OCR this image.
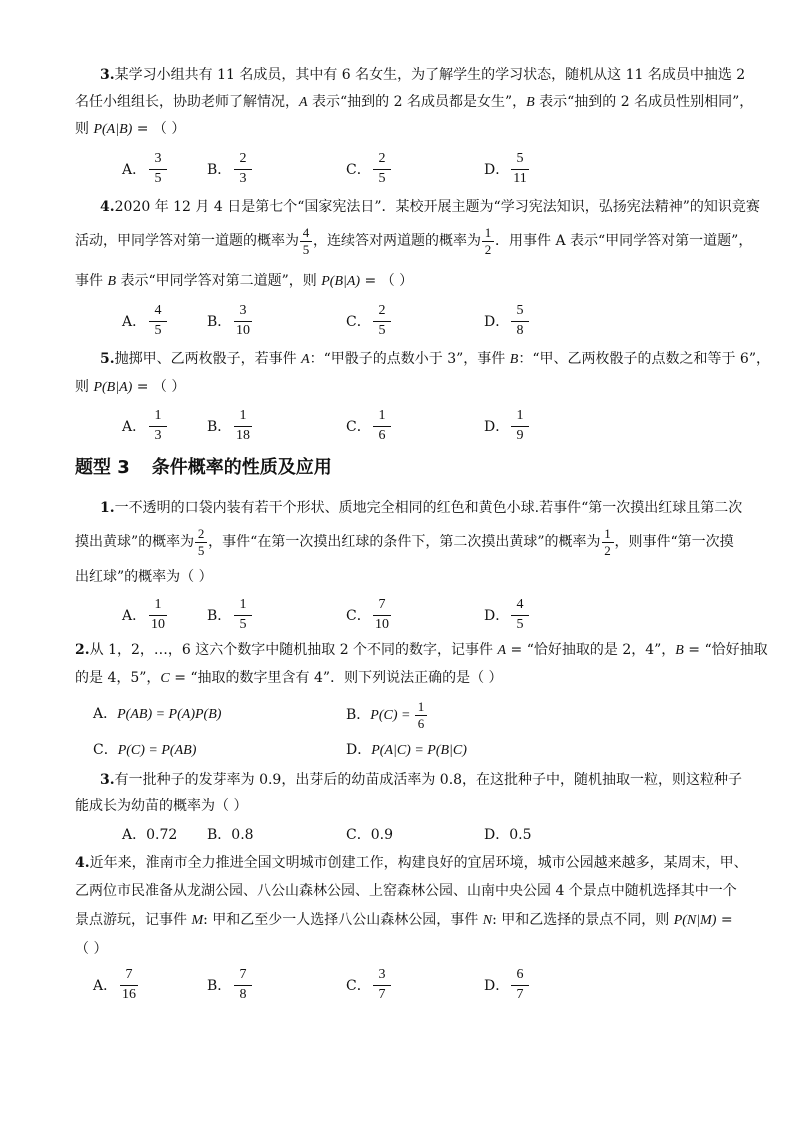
3.某学习小组共有 11 名成员，其中有 6 名女生，为了解学生的学习状态，随机从这 11 名成员中抽选 2
名任小组组长，协助老师了解情况，A 表示“抽到的 2 名成员都是女生”，B 表示“抽到的 2 名成员性别相同”，
则 P(A|B) = （ ）
A．
3
5
B．
2
3
C．
2
5
D．
5
11
4.2020 年 12 月 4 日是第七个“国家宪法日”．某校开展主题为“学习宪法知识，弘扬宪法精神”的知识竞赛
活动，甲同学答对第一道题的概率为 $\frac{4}{5}$ ，连续答对两道题的概率为 $\frac{1}{2}$ ．用事件 A 表示“甲同学答对第一道题”，
事件 B 表示“甲同学答对第二道题”，则 P(B|A) = （ ）
A．
4
5
B．
3
10
C．
2
5
D．
5
8
5.抛掷甲、乙两枚骰子，若事件 A：“甲骰子的点数小于 3”，事件 B：“甲、乙两枚骰子的点数之和等于 6”，
则 P(B|A) = （ ）
A．
1
3
B．
1
18
C．
1
6
D．
1
9
题型 3 条件概率的性质及应用
1.一不透明的口袋内装有若干个形状、质地完全相同的红色和黄色小球.若事件“第一次摸出红球且第二次
摸出黄球”的概率为 $\frac{2}{5}$ ，事件“在第一次摸出红球的条件下，第二次摸出黄球”的概率为 $\frac{1}{2}$ ，则事件“第一次摸
出红球”的概率为（ ）
A．
1
10
B．
1
5
C．
7
10
D．
4
5
2.从 1，2，…，6 这六个数字中随机抽取 2 个不同的数字，记事件 A = “恰好抽取的是 2，4”，B = “恰好抽取
的是 4，5”，C = “抽取的数字里含有 4”．则下列说法正确的是（ ）
A．P(AB) = P(A)P(B)	B．$P(C) = \frac{1}{6}$
C．P(C) = P(AB)	D．P(A|C) = P(B|C)
3.有一批种子的发芽率为 0.9，出芽后的幼苗成活率为 0.8，在这批种子中，随机抽取一粒，则这粒种子
能成长为幼苗的概率为（ ）
A．0.72 B．0.8	C．0.9	D．0.5
4.近年来，淮南市全力推进全国文明城市创建工作，构建良好的宜居环境，城市公园越来越多，某周末，甲、
乙两位市民准备从龙湖公园、八公山森林公园、上窑森林公园、山南中央公园 4 个景点中随机选择其中一个
景点游玩，记事件 M: 甲和乙至少一人选择八公山森林公园，事件 N: 甲和乙选择的景点不同，则 P(N|M) =
（ ）
A．
7
16
B．
7
8
C．
3
7
D．
6
7
